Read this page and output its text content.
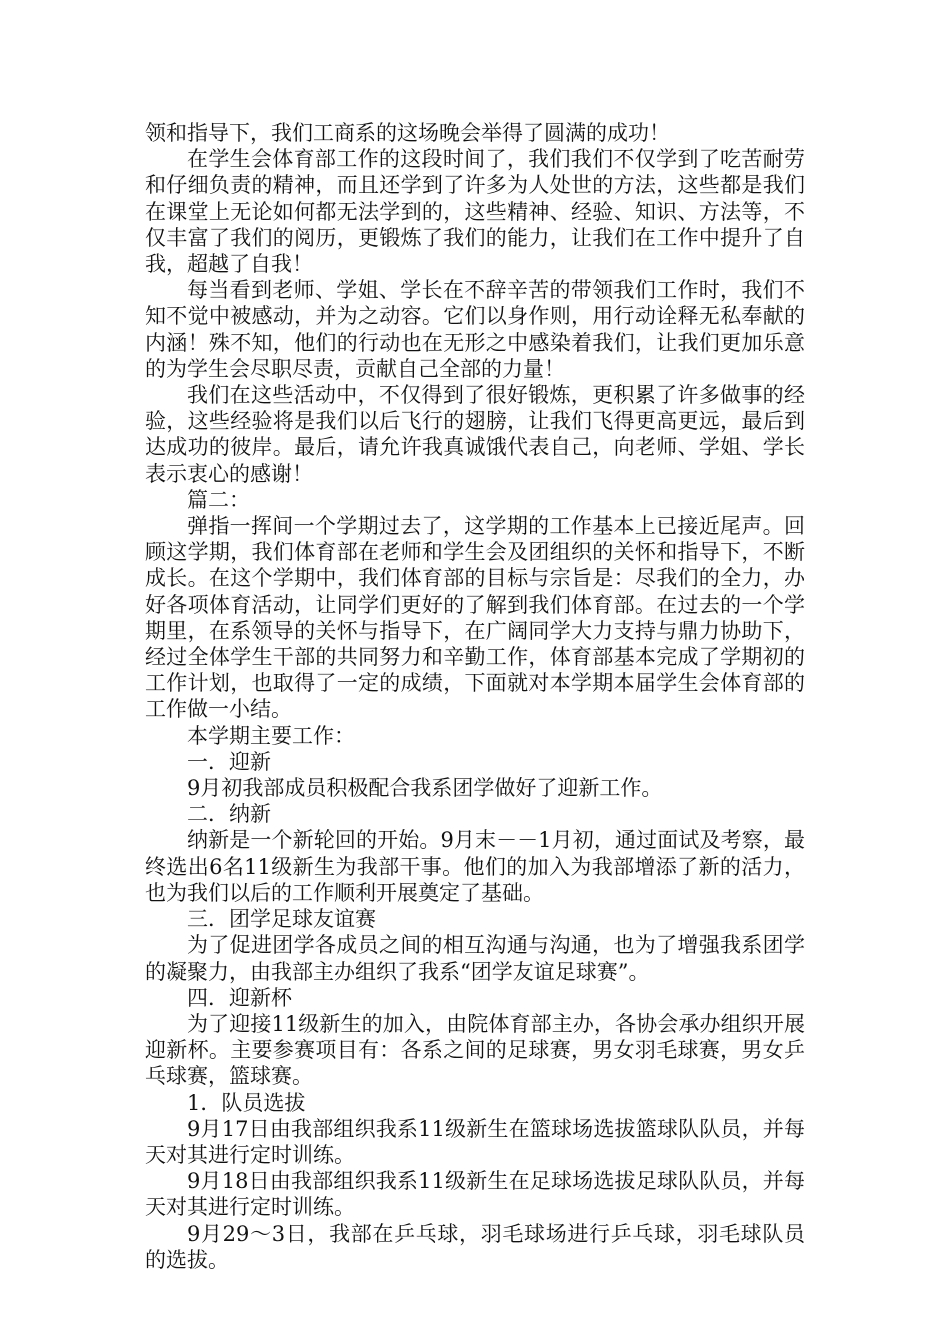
领和指导下，我们工商系的这场晚会举得了圆满的成功！

在学生会体育部工作的这段时间了，我们我们不仅学到了吃苦耐劳和仔细负责的精神，而且还学到了许多为人处世的方法，这些都是我们在课堂上无论如何都无法学到的，这些精神、经验、知识、方法等，不仅丰富了我们的阅历，更锻炼了我们的能力，让我们在工作中提升了自我，超越了自我！

每当看到老师、学姐、学长在不辞辛苦的带领我们工作时，我们不知不觉中被感动，并为之动容。它们以身作则，用行动诠释无私奉献的内涵！殊不知，他们的行动也在无形之中感染着我们，让我们更加乐意的为学生会尽职尽责，贡献自己全部的力量！

我们在这些活动中，不仅得到了很好锻炼，更积累了许多做事的经验，这些经验将是我们以后飞行的翅膀，让我们飞得更高更远，最后到达成功的彼岸。最后，请允许我真诚饿代表自己，向老师、学姐、学长表示衷心的感谢！

篇二：

弹指一挥间一个学期过去了，这学期的工作基本上已接近尾声。回顾这学期，我们体育部在老师和学生会及团组织的关怀和指导下，不断成长。在这个学期中，我们体育部的目标与宗旨是：尽我们的全力，办好各项体育活动，让同学们更好的了解到我们体育部。在过去的一个学期里，在系领导的关怀与指导下，在广阔同学大力支持与鼎力协助下，经过全体学生干部的共同努力和辛勤工作，体育部基本完成了学期初的工作计划，也取得了一定的成绩，下面就对本学期本届学生会体育部的工作做一小结。

本学期主要工作：

一．迎新

9月初我部成员积极配合我系团学做好了迎新工作。

二．纳新

纳新是一个新轮回的开始。9月末－－1月初，通过面试及考察，最终选出6名11级新生为我部干事。他们的加入为我部增添了新的活力，也为我们以后的工作顺利开展奠定了基础。

三．团学足球友谊赛

为了促进团学各成员之间的相互沟通与沟通，也为了增强我系团学的凝聚力，由我部主办组织了我系“团学友谊足球赛”。

四．迎新杯

为了迎接11级新生的加入，由院体育部主办，各协会承办组织开展迎新杯。主要参赛项目有：各系之间的足球赛，男女羽毛球赛，男女乒乓球赛，篮球赛。

1．队员选拔

9月17日由我部组织我系11级新生在篮球场选拔篮球队队员，并每天对其进行定时训练。

9月18日由我部组织我系11级新生在足球场选拔足球队队员，并每天对其进行定时训练。

9月29～3日，我部在乒乓球，羽毛球场进行乒乓球，羽毛球队员的选拔。
